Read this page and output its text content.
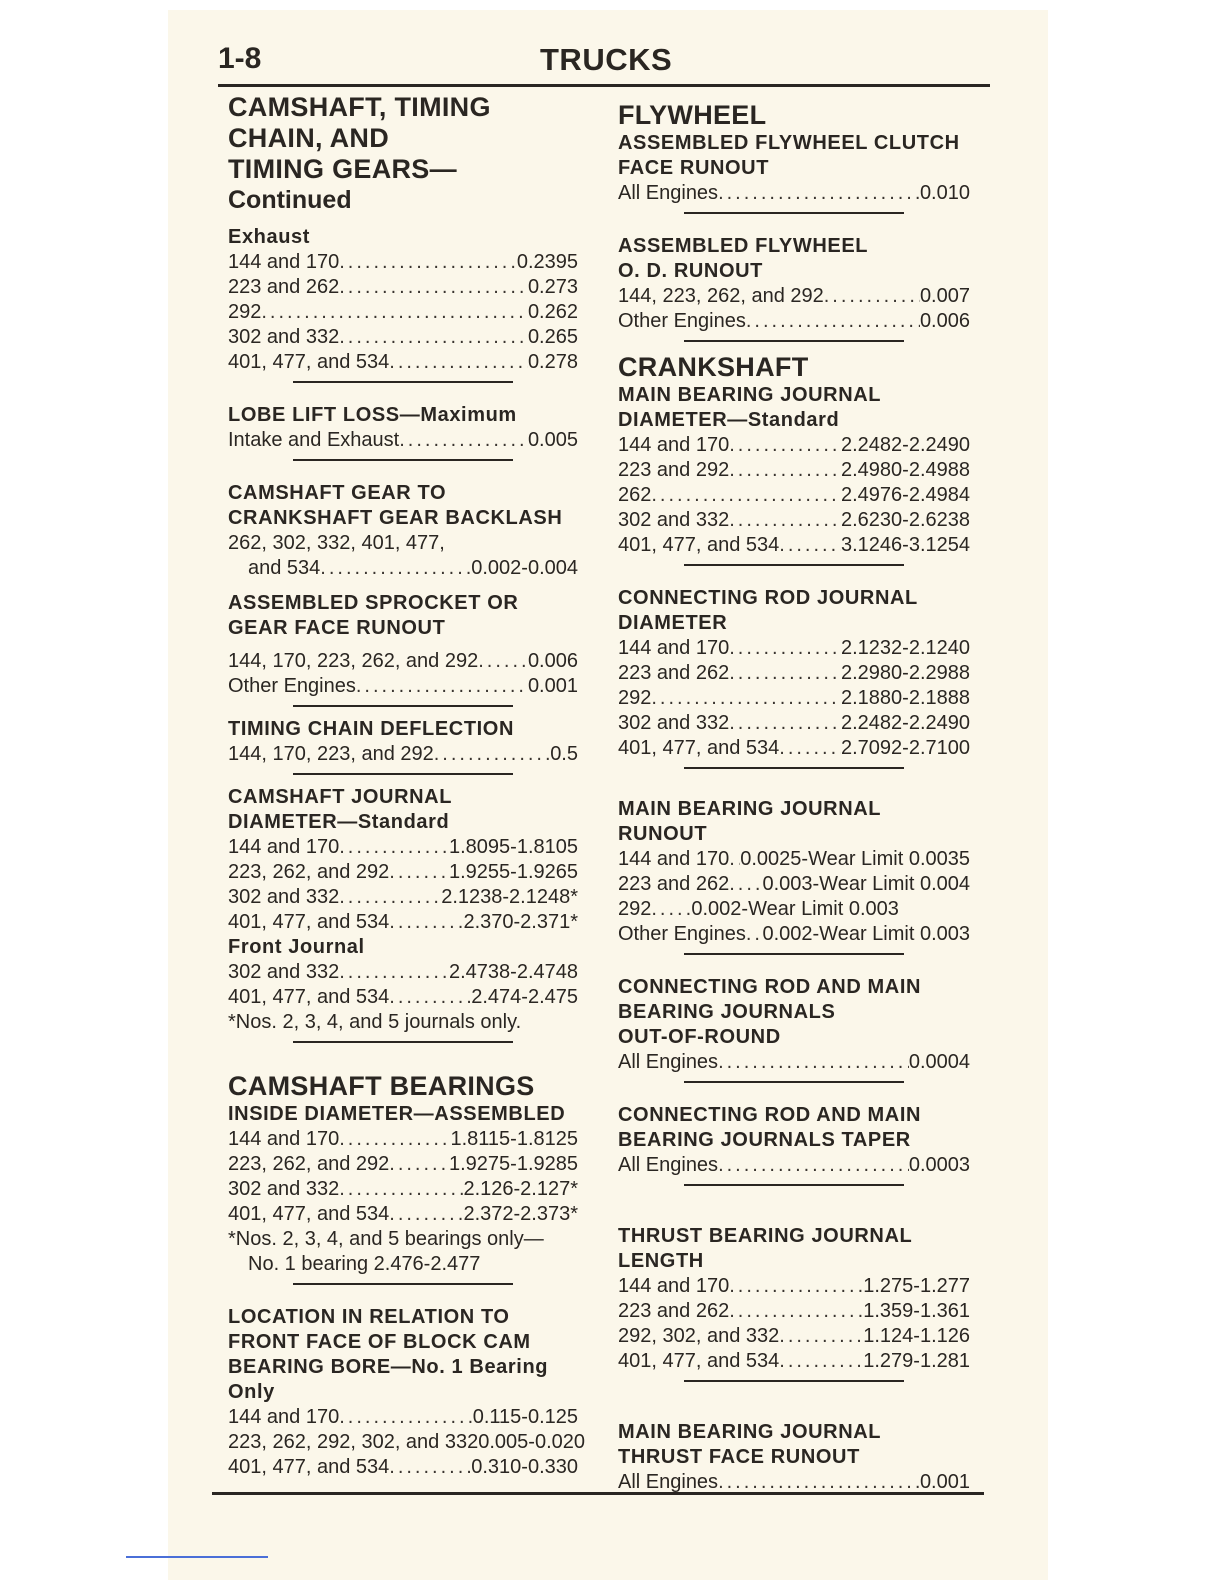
1-8	TRUCKS
CAMSHAFT, TIMING
CHAIN, AND
TIMING GEARS—
Continued
Exhaust
144 and 170 .....	0.2395
223 and 262 .....	0.273
292 .....	0.262
302 and 332 .....	0.265
401, 477, and 534 .....	0.278
LOBE LIFT LOSS—Maximum
Intake and Exhaust .....	0.005
CAMSHAFT GEAR TO
CRANKSHAFT GEAR BACKLASH
262, 302, 332, 401, 477,
and 534 .....	0.002-0.004
ASSEMBLED SPROCKET OR
GEAR FACE RUNOUT
144, 170, 223, 262, and 292 ..... 0.006
Other Engines .....	0.001
TIMING CHAIN DEFLECTION
144, 170, 223, and 292 .....	0.5
CAMSHAFT JOURNAL
DIAMETER—Standard
144 and 170 .....	1.8095-1.8105
223, 262, and 292 .....	1.9255-1.9265
302 and 332 .....	2.1238-2.1248*
401, 477, and 534 .....	2.370-2.371*
Front Journal
302 and 332 .....	2.4738-2.4748
401, 477, and 534 .....	2.474-2.475
*Nos. 2, 3, 4, and 5 journals only.
CAMSHAFT BEARINGS
INSIDE DIAMETER—ASSEMBLED
144 and 170 .....	1.8115-1.8125
223, 262, and 292 .....	1.9275-1.9285
302 and 332 .....	2.126-2.127*
401, 477, and 534 .....	2.372-2.373*
*Nos. 2, 3, 4, and 5 bearings only—
No. 1 bearing 2.476-2.477
LOCATION IN RELATION TO
FRONT FACE OF BLOCK CAM
BEARING BORE—No. 1 Bearing
Only
144 and 170 .....	0.115-0.125
223, 262, 292, 302, and 332 0.005-0.020
401, 477, and 534 .....	0.310-0.330
FLYWHEEL
ASSEMBLED FLYWHEEL CLUTCH
FACE RUNOUT
All Engines .....	0.010
ASSEMBLED FLYWHEEL
O. D. RUNOUT
144, 223, 262, and 292 .....	0.007
Other Engines .....	0.006
CRANKSHAFT
MAIN BEARING JOURNAL
DIAMETER—Standard
144 and 170 .....	2.2482-2.2490
223 and 292 .....	2.4980-2.4988
262 .....	2.4976-2.4984
302 and 332 .....	2.6230-2.6238
401, 477, and 534 .....	3.1246-3.1254
CONNECTING ROD JOURNAL
DIAMETER
144 and 170 .....	2.1232-2.1240
223 and 262 .....	2.2980-2.2988
292 .....	2.1880-2.1888
302 and 332 .....	2.2482-2.2490
401, 477, and 534 .....	2.7092-2.7100
MAIN BEARING JOURNAL
RUNOUT
144 and 170 ..... 0.0025-Wear Limit 0.0035
223 and 262 ..... 0.003-Wear Limit 0.004
292 ..... 0.002-Wear Limit 0.003
Other Engines ..... 0.002-Wear Limit 0.003
CONNECTING ROD AND MAIN
BEARING JOURNALS
OUT-OF-ROUND
All Engines .....	0.0004
CONNECTING ROD AND MAIN
BEARING JOURNALS TAPER
All Engines .....	0.0003
THRUST BEARING JOURNAL
LENGTH
144 and 170 .....	1.275-1.277
223 and 262 .....	1.359-1.361
292, 302, and 332 .....	1.124-1.126
401, 477, and 534 .....	1.279-1.281
MAIN BEARING JOURNAL
THRUST FACE RUNOUT
All Engines .....	0.001
